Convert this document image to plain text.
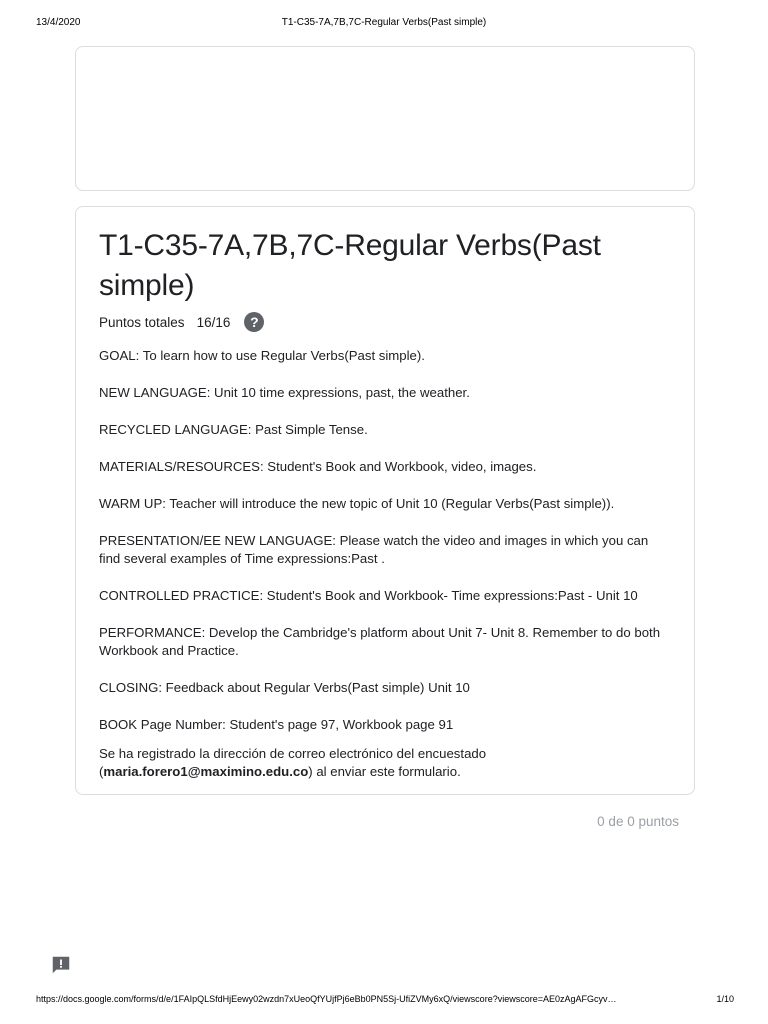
13/4/2020	T1-C35-7A,7B,7C-Regular Verbs(Past simple)
T1-C35-7A,7B,7C-Regular Verbs(Past simple)
Puntos totales 16/16	?

GOAL: To learn how to use Regular Verbs(Past simple).

NEW LANGUAGE: Unit 10 time expressions, past, the weather.

RECYCLED LANGUAGE: Past Simple Tense.

MATERIALS/RESOURCES: Student's Book and Workbook, video, images.

WARM UP: Teacher will introduce the new topic of Unit 10 (Regular Verbs(Past simple)).

PRESENTATION/EE NEW LANGUAGE: Please watch the video and images in which you can find several examples of Time expressions:Past .

CONTROLLED PRACTICE: Student's Book and Workbook- Time expressions:Past - Unit 10

PERFORMANCE: Develop the Cambridge's platform about Unit 7- Unit 8. Remember to do both Workbook and Practice.

CLOSING: Feedback about Regular Verbs(Past simple) Unit 10

BOOK Page Number: Student's page 97, Workbook page 91

Se ha registrado la dirección de correo electrónico del encuestado (maria.forero1@maximino.edu.co) al enviar este formulario.
0 de 0 puntos
https://docs.google.com/forms/d/e/1FAIpQLSfdHjEewy02wzdn7xUeoQfYUjfPj6eBb0PN5Sj-UfiZVMy6xQ/viewscore?viewscore=AE0zAgAFGcyv…	1/10
